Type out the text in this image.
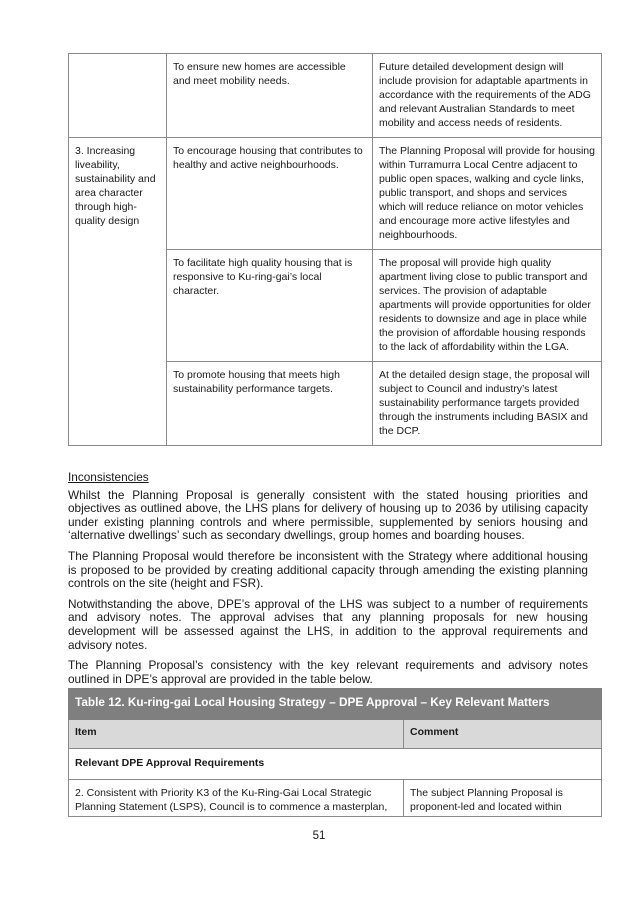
	To ensure new homes are accessible and meet mobility needs.	Future detailed development design will include provision for adaptable apartments in accordance with the requirements of the ADG and relevant Australian Standards to meet mobility and access needs of residents.
3. Increasing liveability, sustainability and area character through high-quality design	To encourage housing that contributes to healthy and active neighbourhoods.	The Planning Proposal will provide for housing within Turramurra Local Centre adjacent to public open spaces, walking and cycle links, public transport, and shops and services which will reduce reliance on motor vehicles and encourage more active lifestyles and neighbourhoods.
	To facilitate high quality housing that is responsive to Ku-ring-gai’s local character.	The proposal will provide high quality apartment living close to public transport and services. The provision of adaptable apartments will provide opportunities for older residents to downsize and age in place while the provision of affordable housing responds to the lack of affordability within the LGA.
	To promote housing that meets high sustainability performance targets.	At the detailed design stage, the proposal will subject to Council and industry’s latest sustainability performance targets provided through the instruments including BASIX and the DCP.
Inconsistencies

Whilst the Planning Proposal is generally consistent with the stated housing priorities and objectives as outlined above, the LHS plans for delivery of housing up to 2036 by utilising capacity under existing planning controls and where permissible, supplemented by seniors housing and ‘alternative dwellings’ such as secondary dwellings, group homes and boarding houses.

The Planning Proposal would therefore be inconsistent with the Strategy where additional housing is proposed to be provided by creating additional capacity through amending the existing planning controls on the site (height and FSR).

Notwithstanding the above, DPE’s approval of the LHS was subject to a number of requirements and advisory notes. The approval advises that any planning proposals for new housing development will be assessed against the LHS, in addition to the approval requirements and advisory notes.

The Planning Proposal’s consistency with the key relevant requirements and advisory notes outlined in DPE’s approval are provided in the table below.

Table 12. Ku-ring-gai Local Housing Strategy – DPE Approval – Key Relevant Matters	
Item	Comment
Relevant DPE Approval Requirements	
2. Consistent with Priority K3 of the Ku-Ring-Gai Local Strategic Planning Statement (LSPS), Council is to commence a masterplan,	The subject Planning Proposal is proponent-led and located within
51
